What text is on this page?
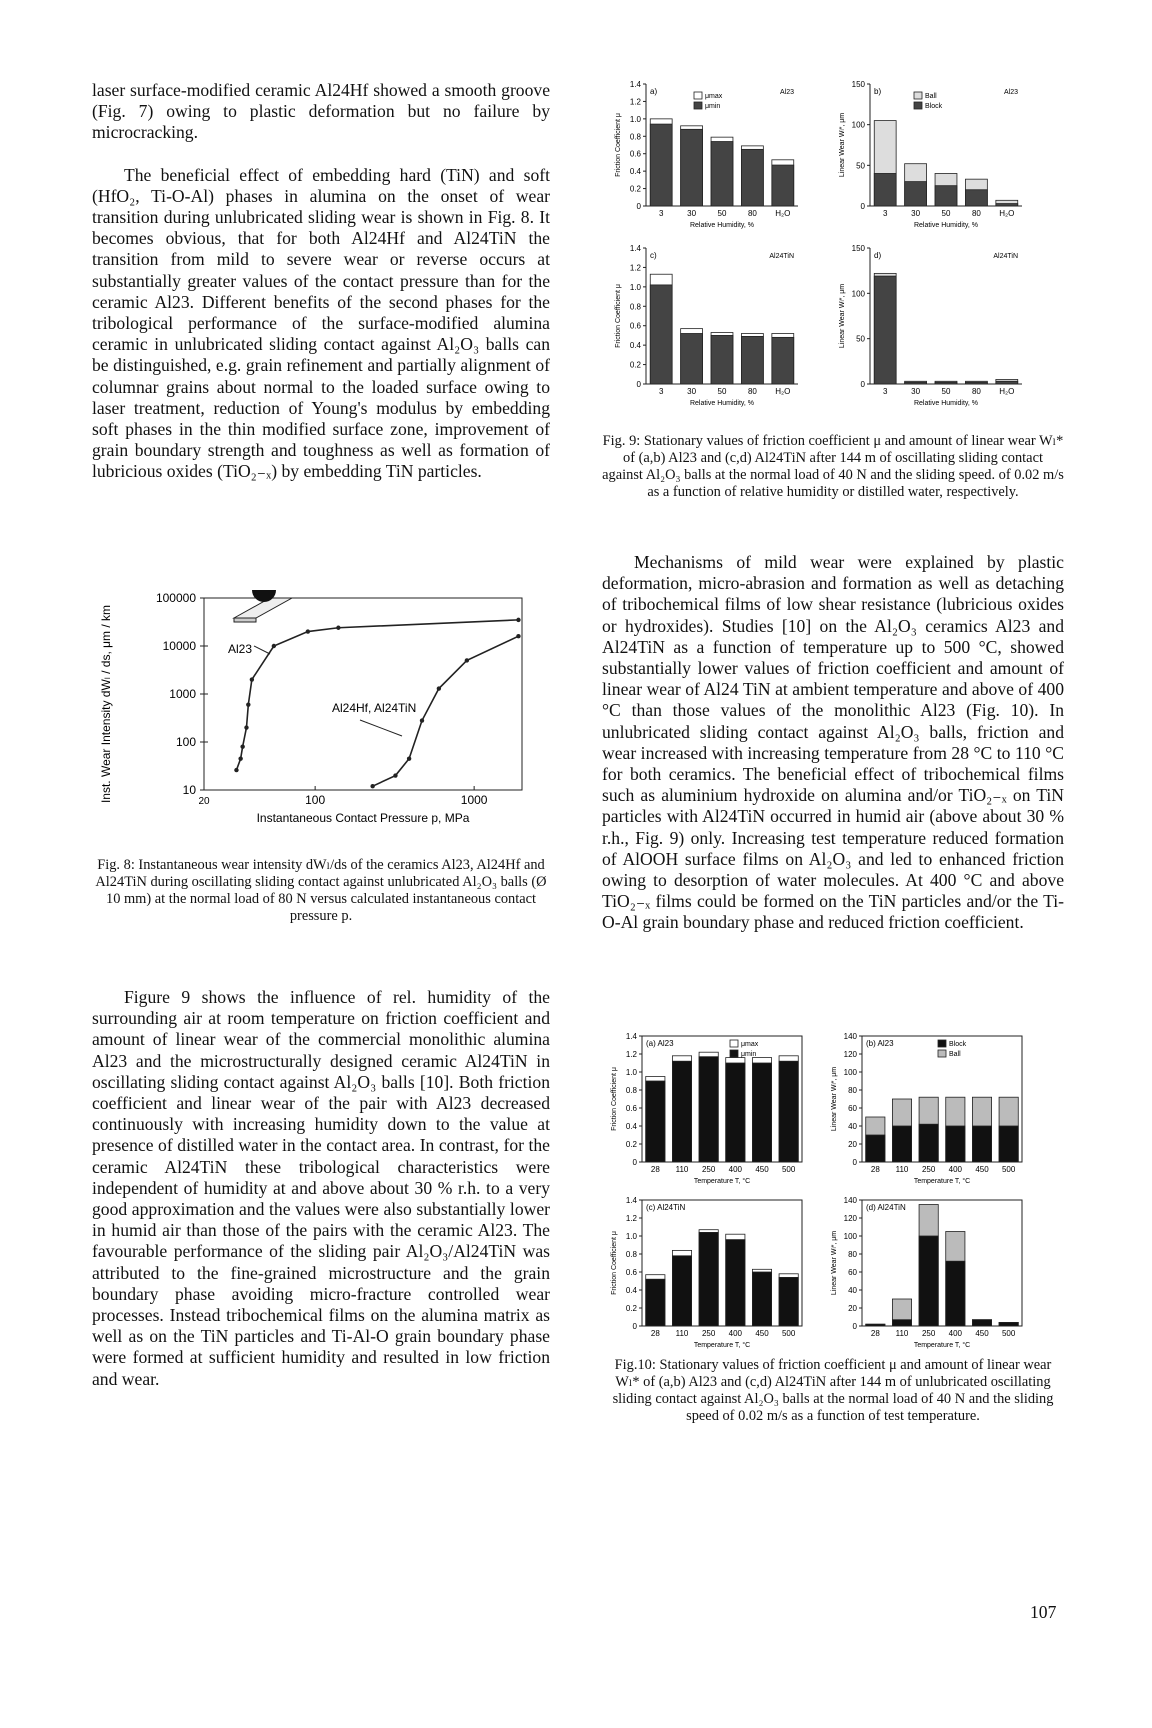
laser surface-modified ceramic Al24Hf showed a smooth groove (Fig. 7) owing to plastic deformation but no failure by microcracking.

The beneficial effect of embedding hard (TiN) and soft (HfO₂, Ti-O-Al) phases in alumina on the onset of wear transition during unlubricated sliding wear is shown in Fig. 8. It becomes obvious, that for both Al24Hf and Al24TiN the transition from mild to severe wear or reverse occurs at substantially greater values of the contact pressure than for the ceramic Al23. Different benefits of the second phases for the tribological performance of the surface-modified alumina ceramic in unlubricated sliding contact against Al₂O₃ balls can be distinguished, e.g. grain refinement and partially alignment of columnar grains about normal to the loaded surface owing to laser treatment, reduction of Young's modulus by embedding soft phases in the thin modified surface zone, improvement of grain boundary strength and toughness as well as formation of lubricious oxides (TiO₂₋ₓ) by embedding TiN particles.

10
100
1000
10000
100000
20	100	1000
Instantaneous Contact Pressure p, MPa
Inst. Wear Intensity dWₗ / ds, μm / km	Al23
Al24Hf, Al24TiN
Fig. 8: Instantaneous wear intensity dWₗ/ds of the ceramics Al23, Al24Hf and Al24TiN during oscillating sliding contact against unlubricated Al₂O₃ balls (Ø 10 mm) at the normal load of 80 N versus calculated instantaneous contact pressure p.

Figure 9 shows the influence of rel. humidity of the surrounding air at room temperature on friction coefficient and amount of linear wear of the commercial monolithic alumina Al23 and the microstructurally designed ceramic Al24TiN in oscillating sliding contact against Al₂O₃ balls [10]. Both friction coefficient and linear wear of the pair with Al23 decreased continuously with increasing humidity down to the value at presence of distilled water in the contact area. In contrast, for the ceramic Al24TiN these tribological characteristics were independent of humidity at and above about 30 % r.h. to a very good approximation and the values were also substantially lower in humid air than those of the pairs with the ceramic Al23. The favourable performance of the sliding pair Al₂O₃/Al24TiN was attributed to the fine-grained microstructure and the grain boundary phase avoiding micro-fracture controlled wear processes. Instead tribochemical films on the alumina matrix as well as on the TiN particles and Ti-Al-O grain boundary phase were formed at sufficient humidity and resulted in low friction and wear.

0
0.2
0.4
0.6
0.8
1.0
1.2
1.4
3	30	50	80 H₂O
Relative Humidity, %
Friction Coefficient μ
a)	Al23
μmax
μmin
0
50
100
150
3	30	50	80 H₂O
Relative Humidity, %
Linear Wear Wₗ*, μm
b)	Al23
Ball
Block
0
0.2
0.4
0.6
0.8
1.0
1.2
1.4
3	30	50	80 H₂O
Relative Humidity, %
Friction Coefficient μ
c)	Al24TiN
0
50
100
150
3	30	50	80 H₂O
Relative Humidity, %
Linear Wear Wₗ*, μm
d)	Al24TiN
Fig. 9: Stationary values of friction coefficient μ and amount of linear wear Wₗ* of (a,b) Al23 and (c,d) Al24TiN after 144 m of oscillating sliding contact against Al₂O₃ balls at the normal load of 40 N and the sliding speed. of 0.02 m/s as a function of relative humidity or distilled water, respectively.

Mechanisms of mild wear were explained by plastic deformation, micro-abrasion and formation as well as detaching of tribochemical films of low shear resistance (lubricious oxides or hydroxides). Studies [10] on the Al₂O₃ ceramics Al23 and Al24TiN as a function of temperature up to 500 °C, showed substantially lower values of friction coefficient and amount of linear wear of Al24 TiN at ambient temperature and above of 400 °C than those values of the monolithic Al23 (Fig. 10). In unlubricated sliding contact against Al₂O₃ balls, friction and wear increased with increasing temperature from 28 °C to 110 °C for both ceramics. The beneficial effect of tribochemical films such as aluminium hydroxide on alumina and/or TiO₂₋ₓ on TiN particles with Al24TiN occurred in humid air (above about 30 % r.h., Fig. 9) only. Increasing test temperature reduced formation of AlOOH surface films on Al₂O₃ and led to enhanced friction owing to desorption of water molecules. At 400 °C and above TiO₂₋ₓ films could be formed on the TiN particles and/or the Ti-O-Al grain boundary phase and reduced friction coefficient.

0
0.2
0.4
0.6
0.8
1.0
1.2
1.4
28 110 250 400 450 500
Temperature T, °C
Friction Coefficient μ
(a) Al23	μmax
μmin
0
20
40
60
80
100
120
140
28 110 250 400 450 500
Temperature T, °C
Linear Wear Wₗ*, μm
(b) Al23	Block
Ball
0
0.2
0.4
0.6
0.8
1.0
1.2
1.4
28 110 250 400 450 500
Temperature T, °C
Friction Coefficient μ
(c) Al24TiN
0
20
40
60
80
100
120
140
28 110 250 400 450 500
Temperature T, °C
Linear Wear Wₗ*, μm
(d) Al24TiN
Fig.10: Stationary values of friction coefficient μ and amount of linear wear Wₗ* of (a,b) Al23 and (c,d) Al24TiN after 144 m of unlubricated oscillating sliding contact against Al₂O₃ balls at the normal load of 40 N and the sliding speed of 0.02 m/s as a function of test temperature.
107
